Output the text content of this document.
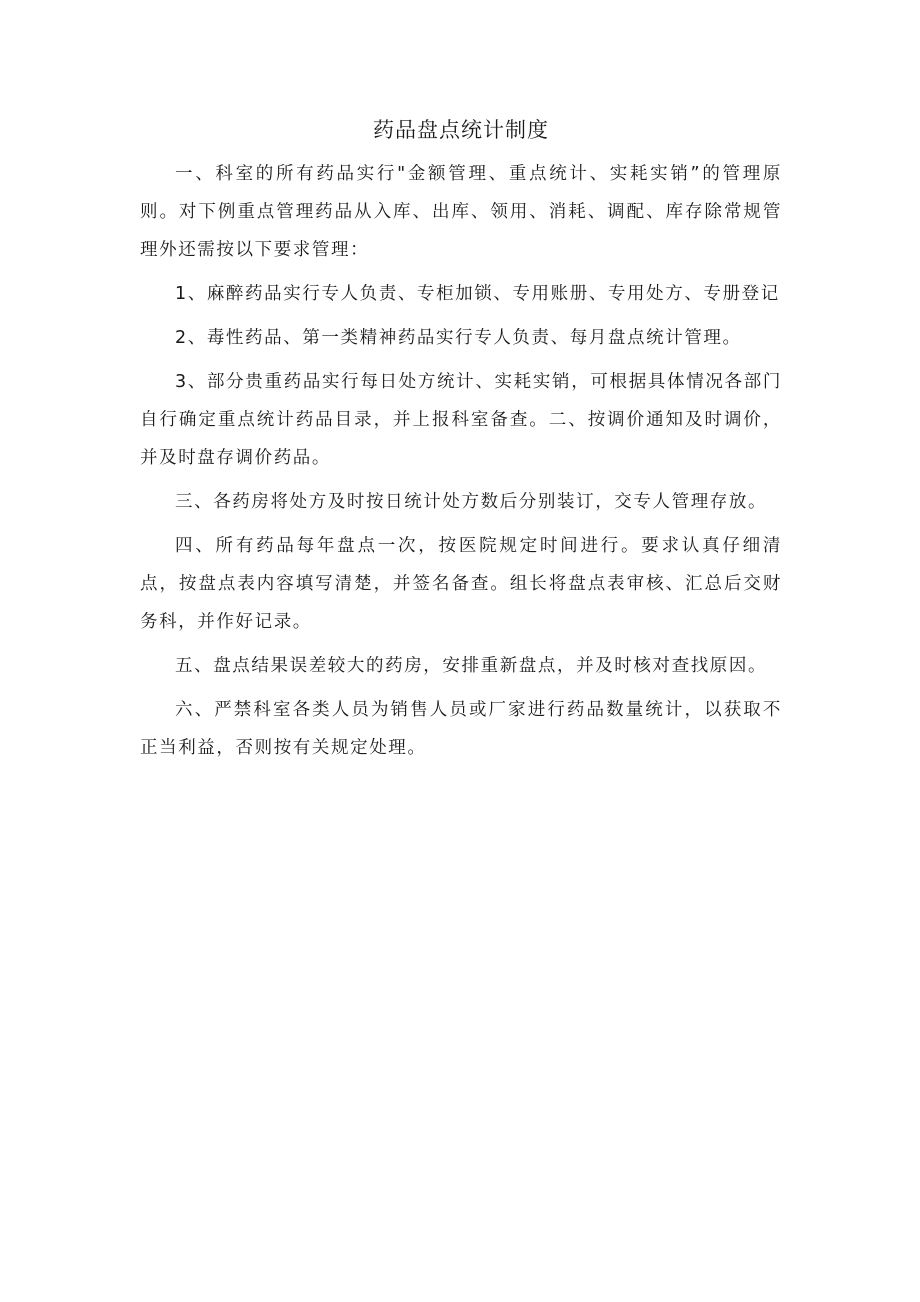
药品盘点统计制度

一、科室的所有药品实行"金额管理、重点统计、实耗实销”的管理原则。对下例重点管理药品从入库、出库、领用、消耗、调配、库存除常规管理外还需按以下要求管理：

1、麻醉药品实行专人负责、专柜加锁、专用账册、专用处方、专册登记

2、毒性药品、第一类精神药品实行专人负责、每月盘点统计管理。

3、部分贵重药品实行每日处方统计、实耗实销，可根据具体情况各部门自行确定重点统计药品目录，并上报科室备查。二、按调价通知及时调价，并及时盘存调价药品。

三、各药房将处方及时按日统计处方数后分别装订，交专人管理存放。

四、所有药品每年盘点一次，按医院规定时间进行。要求认真仔细清点，按盘点表内容填写清楚，并签名备查。组长将盘点表审核、汇总后交财务科，并作好记录。

五、盘点结果误差较大的药房，安排重新盘点，并及时核对查找原因。

六、严禁科室各类人员为销售人员或厂家进行药品数量统计，以获取不正当利益，否则按有关规定处理。
